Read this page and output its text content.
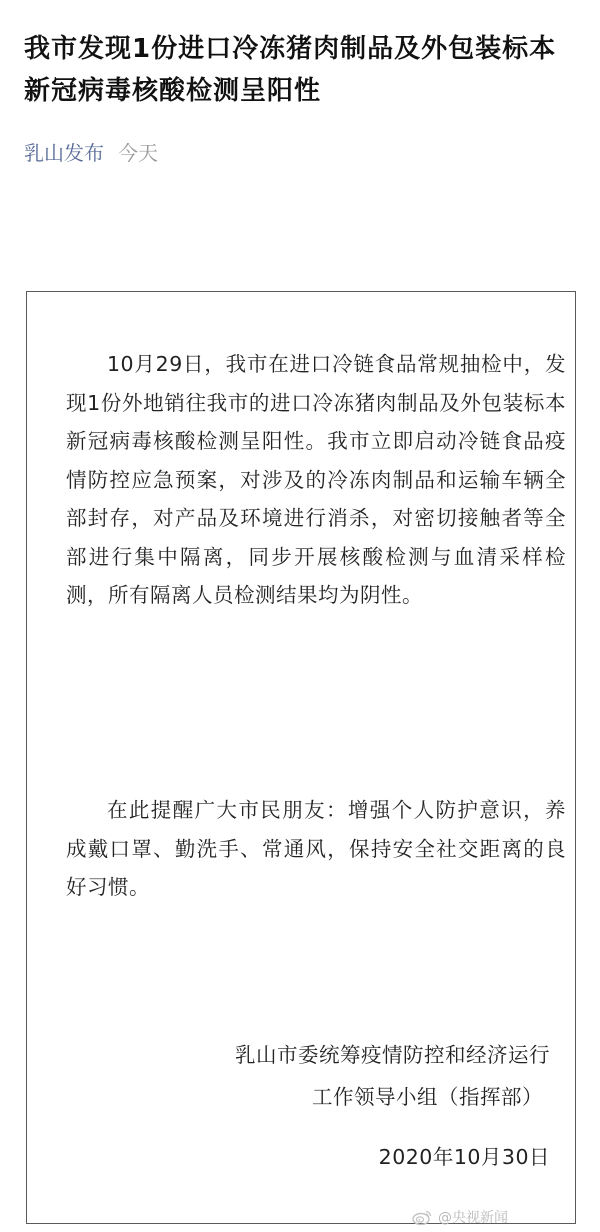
我市发现1份进口冷冻猪肉制品及外包装标本新冠病毒核酸检测呈阳性
乳山发布 今天

10月29日，我市在进口冷链食品常规抽检中，发现1份外地销往我市的进口冷冻猪肉制品及外包装标本新冠病毒核酸检测呈阳性。我市立即启动冷链食品疫情防控应急预案，对涉及的冷冻肉制品和运输车辆全部封存，对产品及环境进行消杀，对密切接触者等全部进行集中隔离，同步开展核酸检测与血清采样检测，所有隔离人员检测结果均为阴性。

在此提醒广大市民朋友：增强个人防护意识，养成戴口罩、勤洗手、常通风，保持安全社交距离的良好习惯。

乳山市委统筹疫情防控和经济运行
工作领导小组（指挥部）
2020年10月30日
@央视新闻
